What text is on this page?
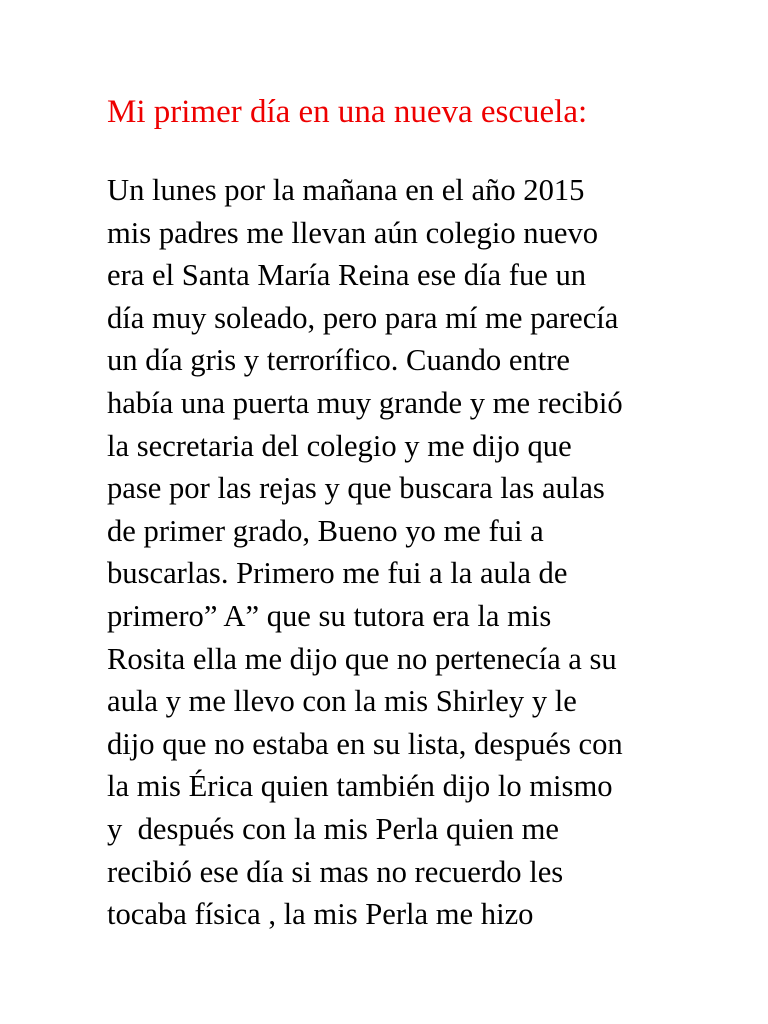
Mi primer día en una nueva escuela:
Un lunes por la mañana en el año 2015
mis padres me llevan aún colegio nuevo
era el Santa María Reina ese día fue un
día muy soleado, pero para mí me parecía
un día gris y terrorífico. Cuando entre
había una puerta muy grande y me recibió
la secretaria del colegio y me dijo que
pase por las rejas y que buscara las aulas
de primer grado, Bueno yo me fui a
buscarlas. Primero me fui a la aula de
primero” A” que su tutora era la mis
Rosita ella me dijo que no pertenecía a su
aula y me llevo con la mis Shirley y le
dijo que no estaba en su lista, después con
la mis Érica quien también dijo lo mismo
y  después con la mis Perla quien me
recibió ese día si mas no recuerdo les
tocaba física , la mis Perla me hizo
